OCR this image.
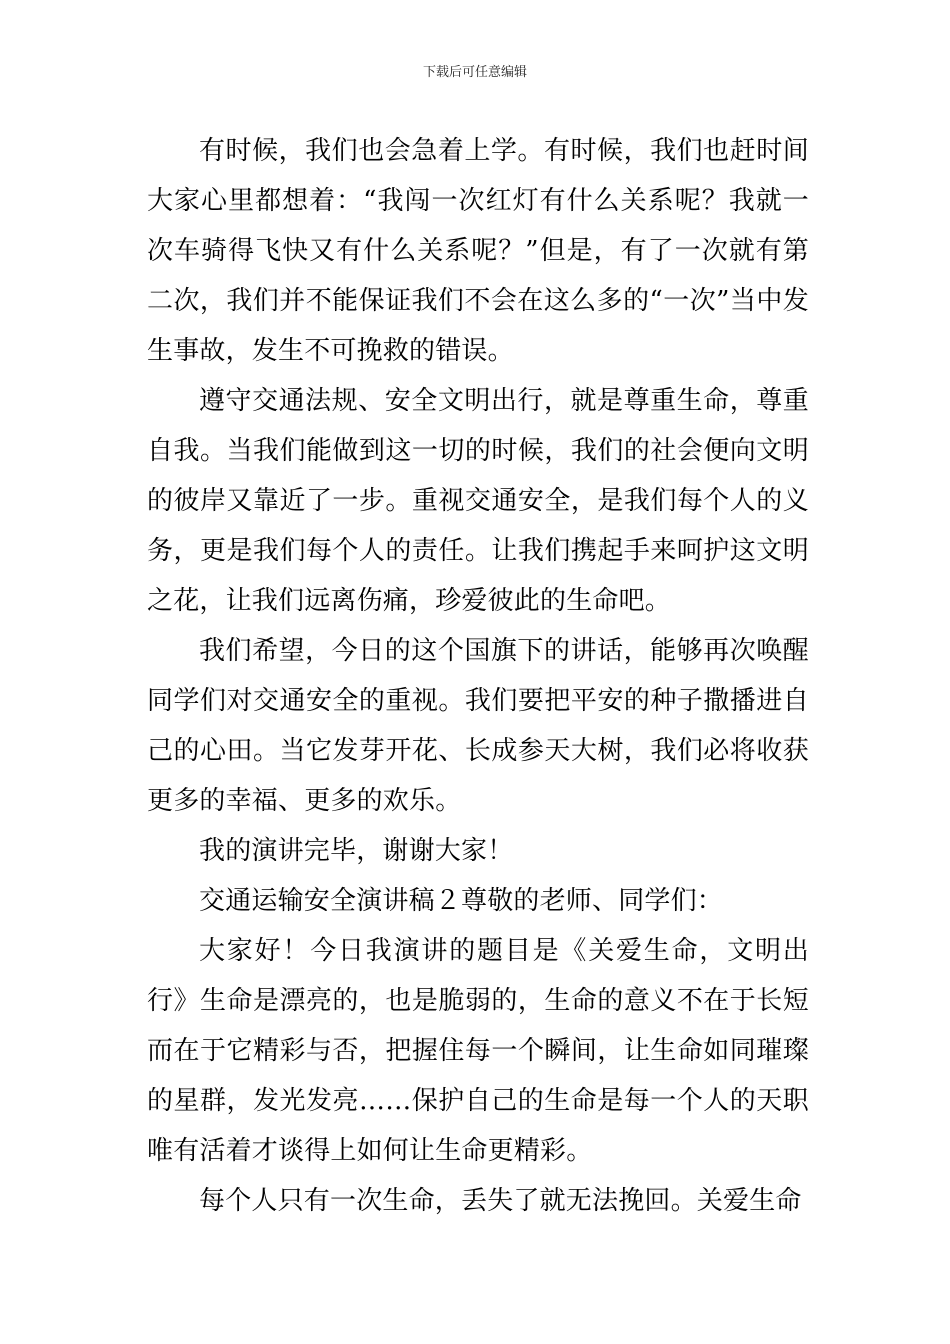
下载后可任意编辑

有时候，我们也会急着上学。有时候，我们也赶时间大家心里都想着：“我闯一次红灯有什么关系呢？我就一次车骑得飞快又有什么关系呢？”但是，有了一次就有第二次，我们并不能保证我们不会在这么多的“一次”当中发生事故，发生不可挽救的错误。

遵守交通法规、安全文明出行，就是尊重生命，尊重自我。当我们能做到这一切的时候，我们的社会便向文明的彼岸又靠近了一步。重视交通安全，是我们每个人的义务，更是我们每个人的责任。让我们携起手来呵护这文明之花，让我们远离伤痛，珍爱彼此的生命吧。

我们希望，今日的这个国旗下的讲话，能够再次唤醒同学们对交通安全的重视。我们要把平安的种子撒播进自己的心田。当它发芽开花、长成参天大树，我们必将收获更多的幸福、更多的欢乐。

我的演讲完毕，谢谢大家！

交通运输安全演讲稿２尊敬的老师、同学们：

大家好！今日我演讲的题目是《关爱生命，文明出行》生命是漂亮的，也是脆弱的，生命的意义不在于长短而在于它精彩与否，把握住每一个瞬间，让生命如同璀璨的星群，发光发亮……保护自己的生命是每一个人的天职唯有活着才谈得上如何让生命更精彩。

每个人只有一次生命，丢失了就无法挽回。关爱生命
